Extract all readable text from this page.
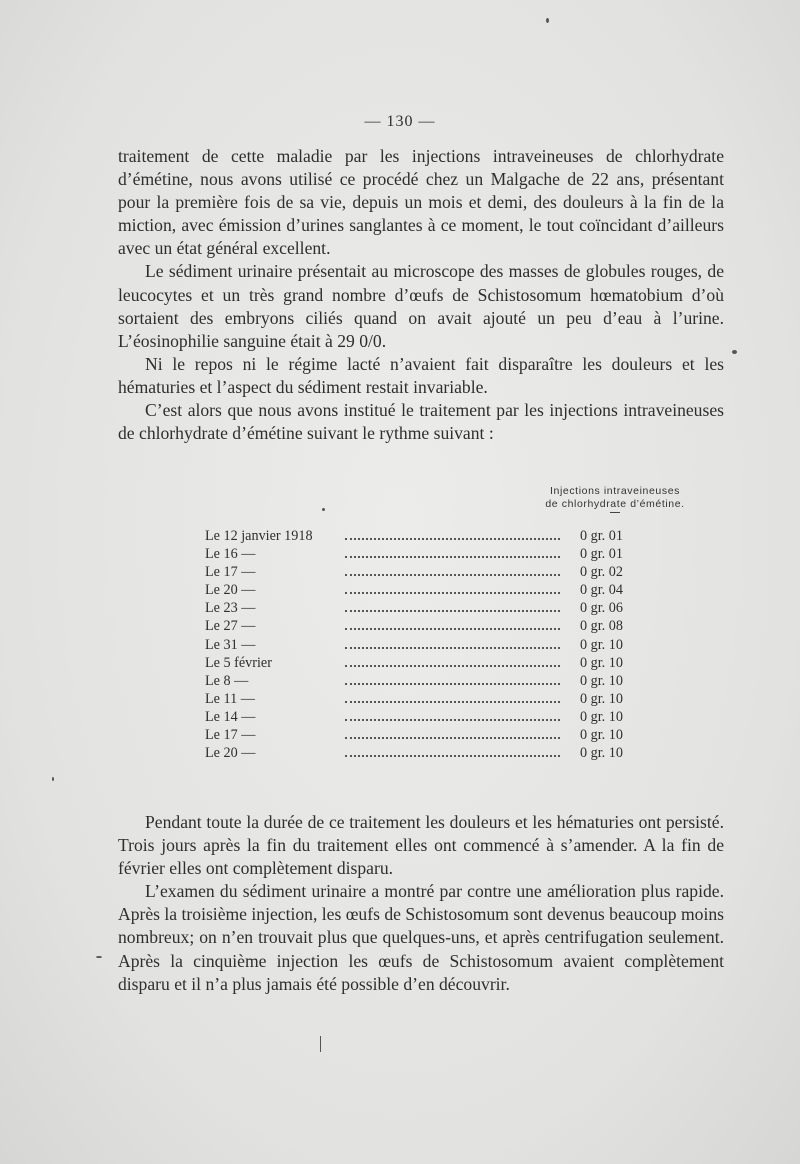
— 130 —

traitement de cette maladie par les injections intraveineuses de chlorhydrate d’émétine, nous avons utilisé ce procédé chez un Malgache de 22 ans, présentant pour la première fois de sa vie, depuis un mois et demi, des douleurs à la fin de la miction, avec émission d’urines sanglantes à ce moment, le tout coïncidant d’ailleurs avec un état général excellent.

Le sédiment urinaire présentait au microscope des masses de globules rouges, de leucocytes et un très grand nombre d’œufs de Schistosomum hœmatobium d’où sortaient des embryons ciliés quand on avait ajouté un peu d’eau à l’urine. L’éosinophilie sanguine était à 29 0/0.

Ni le repos ni le régime lacté n’avaient fait disparaître les douleurs et les hématuries et l’aspect du sédiment restait invariable.

C’est alors que nous avons institué le traitement par les injections intraveineuses de chlorhydrate d’émétine suivant le rythme suivant :

Injections intraveineuses
de chlorhydrate d’émétine.
Le 12 janvier 1918	0 gr. 01
Le 16 —	0 gr. 01
Le 17 —	0 gr. 02
Le 20 —	0 gr. 04
Le 23 —	0 gr. 06
Le 27 —	0 gr. 08
Le 31 —	0 gr. 10
Le 5 février	0 gr. 10
Le 8 —	0 gr. 10
Le 11 —	0 gr. 10
Le 14 —	0 gr. 10
Le 17 —	0 gr. 10
Le 20 —	0 gr. 10

Pendant toute la durée de ce traitement les douleurs et les hématuries ont persisté. Trois jours après la fin du traitement elles ont commencé à s’amender. A la fin de février elles ont complètement disparu.

L’examen du sédiment urinaire a montré par contre une amélioration plus rapide. Après la troisième injection, les œufs de Schistosomum sont devenus beaucoup moins nombreux; on n’en trouvait plus que quelques-uns, et après centrifugation seulement. Après la cinquième injection les œufs de Schistosomum avaient complètement disparu et il n’a plus jamais été possible d’en découvrir.
